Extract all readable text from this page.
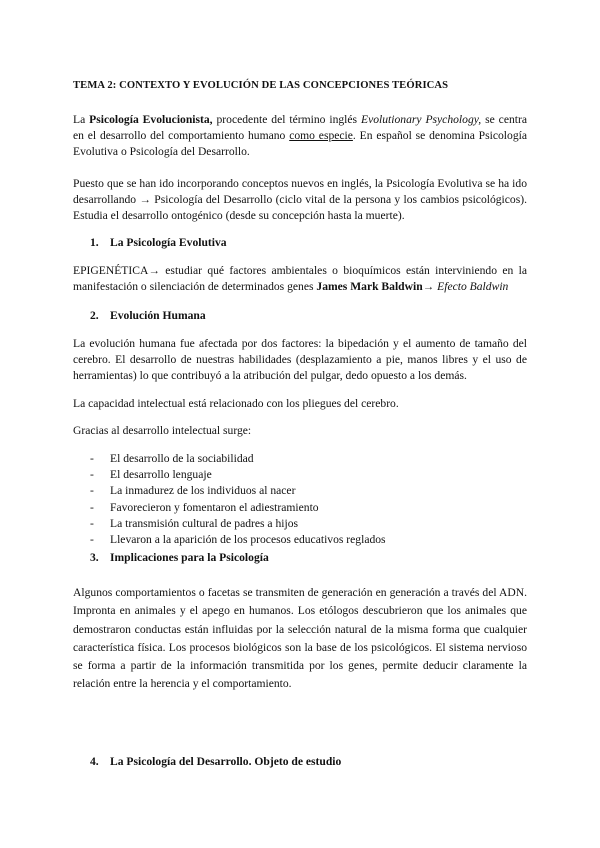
TEMA 2: CONTEXTO Y EVOLUCIÓN DE LAS CONCEPCIONES TEÓRICAS

La Psicología Evolucionista, procedente del término inglés Evolutionary Psychology, se centra en el desarrollo del comportamiento humano como especie. En español se denomina Psicología Evolutiva o Psicología del Desarrollo.

Puesto que se han ido incorporando conceptos nuevos en inglés, la Psicología Evolutiva se ha ido desarrollando → Psicología del Desarrollo (ciclo vital de la persona y los cambios psicológicos). Estudia el desarrollo ontogénico (desde su concepción hasta la muerte).

1. La Psicología Evolutiva

EPIGENÉTICA→ estudiar qué factores ambientales o bioquímicos están interviniendo en la manifestación o silenciación de determinados genes James Mark Baldwin→ Efecto Baldwin

2. Evolución Humana

La evolución humana fue afectada por dos factores: la bipedación y el aumento de tamaño del cerebro. El desarrollo de nuestras habilidades (desplazamiento a pie, manos libres y el uso de herramientas) lo que contribuyó a la atribución del pulgar, dedo opuesto a los demás.

La capacidad intelectual está relacionado con los pliegues del cerebro.

Gracias al desarrollo intelectual surge:

- El desarrollo de la sociabilidad
- El desarrollo lenguaje
- La inmadurez de los individuos al nacer
- Favorecieron y fomentaron el adiestramiento
- La transmisión cultural de padres a hijos
- Llevaron a la aparición de los procesos educativos reglados

3. Implicaciones para la Psicología

Algunos comportamientos o facetas se transmiten de generación en generación a través del ADN. Impronta en animales y el apego en humanos. Los etólogos descubrieron que los animales que demostraron conductas están influidas por la selección natural de la misma forma que cualquier característica física. Los procesos biológicos son la base de los psicológicos. El sistema nervioso se forma a partir de la información transmitida por los genes, permite deducir claramente la relación entre la herencia y el comportamiento.

4. La Psicología del Desarrollo. Objeto de estudio
